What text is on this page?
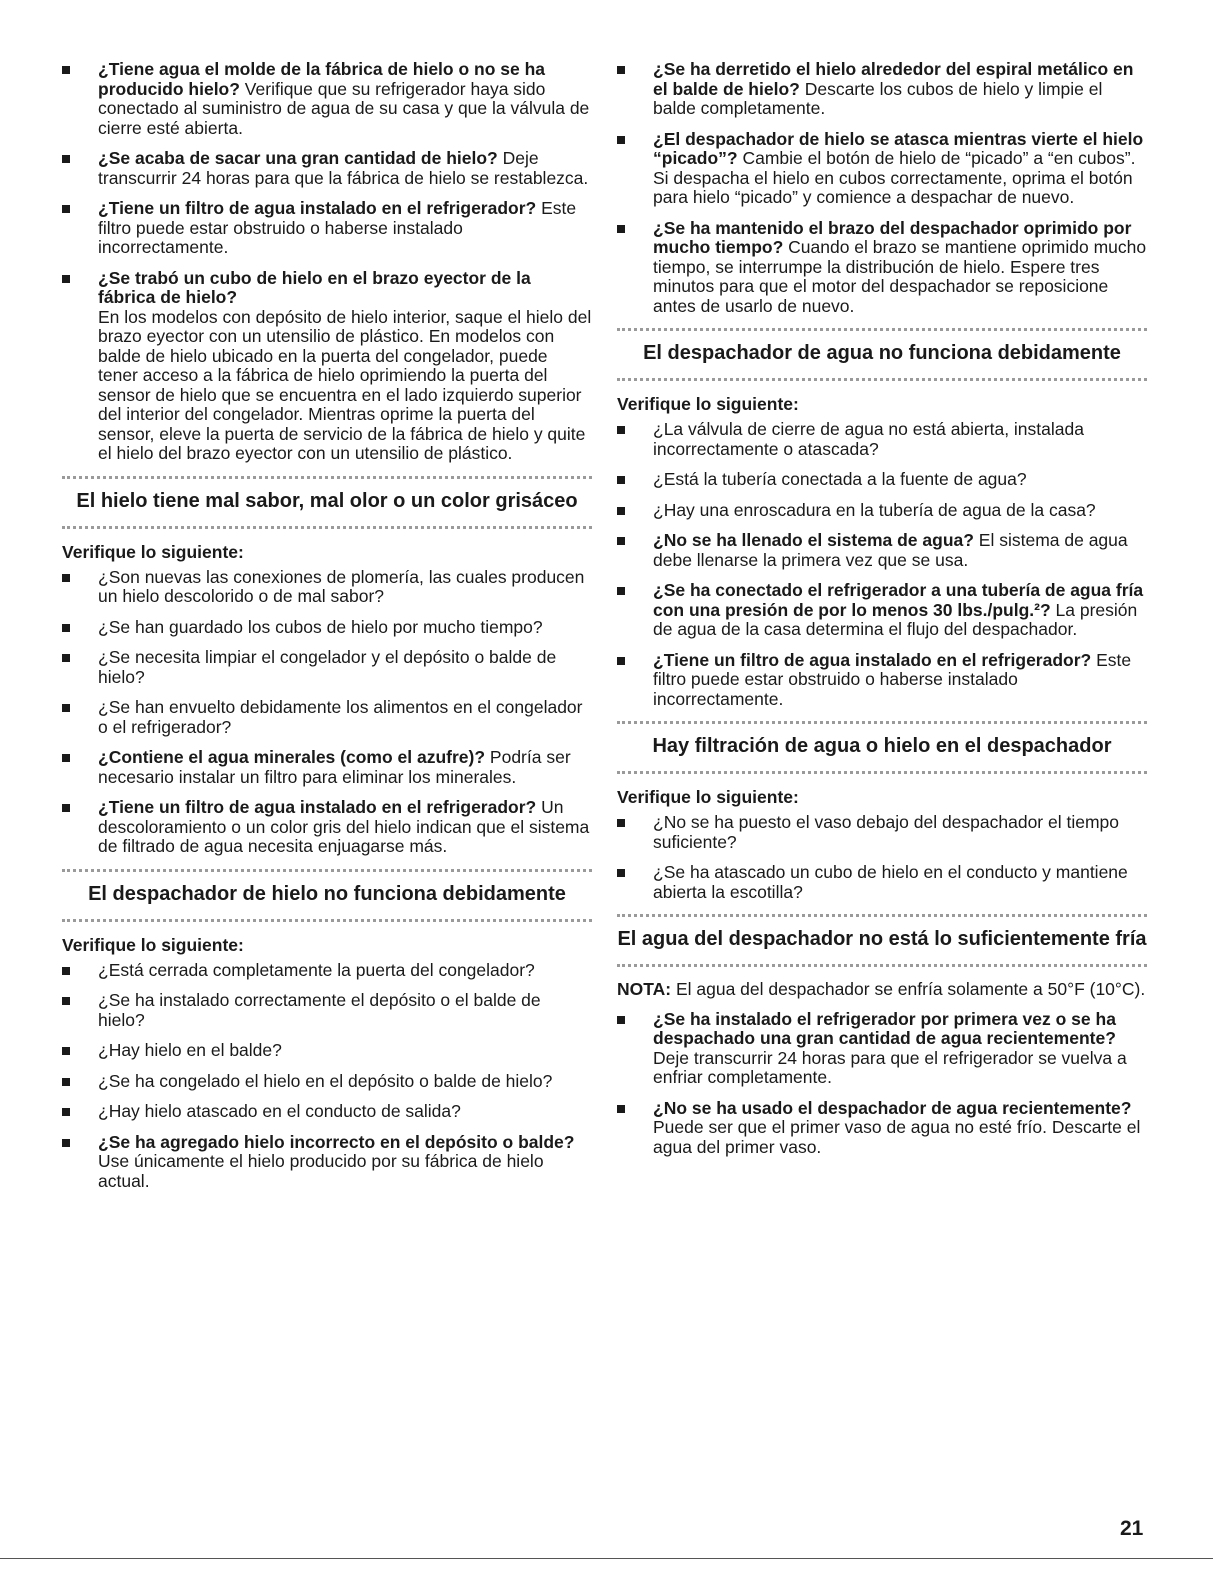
¿Tiene agua el molde de la fábrica de hielo o no se ha producido hielo? Verifique que su refrigerador haya sido conectado al suministro de agua de su casa y que la válvula de cierre esté abierta.
¿Se acaba de sacar una gran cantidad de hielo? Deje transcurrir 24 horas para que la fábrica de hielo se restablezca.
¿Tiene un filtro de agua instalado en el refrigerador? Este filtro puede estar obstruido o haberse instalado incorrectamente.
¿Se trabó un cubo de hielo en el brazo eyector de la fábrica de hielo?
En los modelos con depósito de hielo interior, saque el hielo del brazo eyector con un utensilio de plástico. En modelos con balde de hielo ubicado en la puerta del congelador, puede tener acceso a la fábrica de hielo oprimiendo la puerta del sensor de hielo que se encuentra en el lado izquierdo superior del interior del congelador. Mientras oprime la puerta del sensor, eleve la puerta de servicio de la fábrica de hielo y quite el hielo del brazo eyector con un utensilio de plástico.
El hielo tiene mal sabor, mal olor o un color grisáceo
Verifique lo siguiente:
¿Son nuevas las conexiones de plomería, las cuales producen un hielo descolorido o de mal sabor?
¿Se han guardado los cubos de hielo por mucho tiempo?
¿Se necesita limpiar el congelador y el depósito o balde de hielo?
¿Se han envuelto debidamente los alimentos en el congelador o el refrigerador?
¿Contiene el agua minerales (como el azufre)? Podría ser necesario instalar un filtro para eliminar los minerales.
¿Tiene un filtro de agua instalado en el refrigerador? Un descoloramiento o un color gris del hielo indican que el sistema de filtrado de agua necesita enjuagarse más.
El despachador de hielo no funciona debidamente
Verifique lo siguiente:
¿Está cerrada completamente la puerta del congelador?
¿Se ha instalado correctamente el depósito o el balde de hielo?
¿Hay hielo en el balde?
¿Se ha congelado el hielo en el depósito o balde de hielo?
¿Hay hielo atascado en el conducto de salida?
¿Se ha agregado hielo incorrecto en el depósito o balde?
Use únicamente el hielo producido por su fábrica de hielo actual.
¿Se ha derretido el hielo alrededor del espiral metálico en el balde de hielo? Descarte los cubos de hielo y limpie el balde completamente.
¿El despachador de hielo se atasca mientras vierte el hielo “picado”? Cambie el botón de hielo de “picado” a “en cubos”. Si despacha el hielo en cubos correctamente, oprima el botón para hielo “picado” y comience a despachar de nuevo.
¿Se ha mantenido el brazo del despachador oprimido por mucho tiempo? Cuando el brazo se mantiene oprimido mucho tiempo, se interrumpe la distribución de hielo. Espere tres minutos para que el motor del despachador se reposicione antes de usarlo de nuevo.
El despachador de agua no funciona debidamente
Verifique lo siguiente:
¿La válvula de cierre de agua no está abierta, instalada incorrectamente o atascada?
¿Está la tubería conectada a la fuente de agua?
¿Hay una enroscadura en la tubería de agua de la casa?
¿No se ha llenado el sistema de agua? El sistema de agua debe llenarse la primera vez que se usa.
¿Se ha conectado el refrigerador a una tubería de agua fría con una presión de por lo menos 30 lbs./pulg.²? La presión de agua de la casa determina el flujo del despachador.
¿Tiene un filtro de agua instalado en el refrigerador? Este filtro puede estar obstruido o haberse instalado incorrectamente.
Hay filtración de agua o hielo en el despachador
Verifique lo siguiente:
¿No se ha puesto el vaso debajo del despachador el tiempo suficiente?
¿Se ha atascado un cubo de hielo en el conducto y mantiene abierta la escotilla?
El agua del despachador no está lo suficientemente fría
NOTA: El agua del despachador se enfría solamente a 50°F (10°C).
¿Se ha instalado el refrigerador por primera vez o se ha despachado una gran cantidad de agua recientemente?
Deje transcurrir 24 horas para que el refrigerador se vuelva a enfriar completamente.
¿No se ha usado el despachador de agua recientemente?
Puede ser que el primer vaso de agua no esté frío. Descarte el agua del primer vaso.
21
